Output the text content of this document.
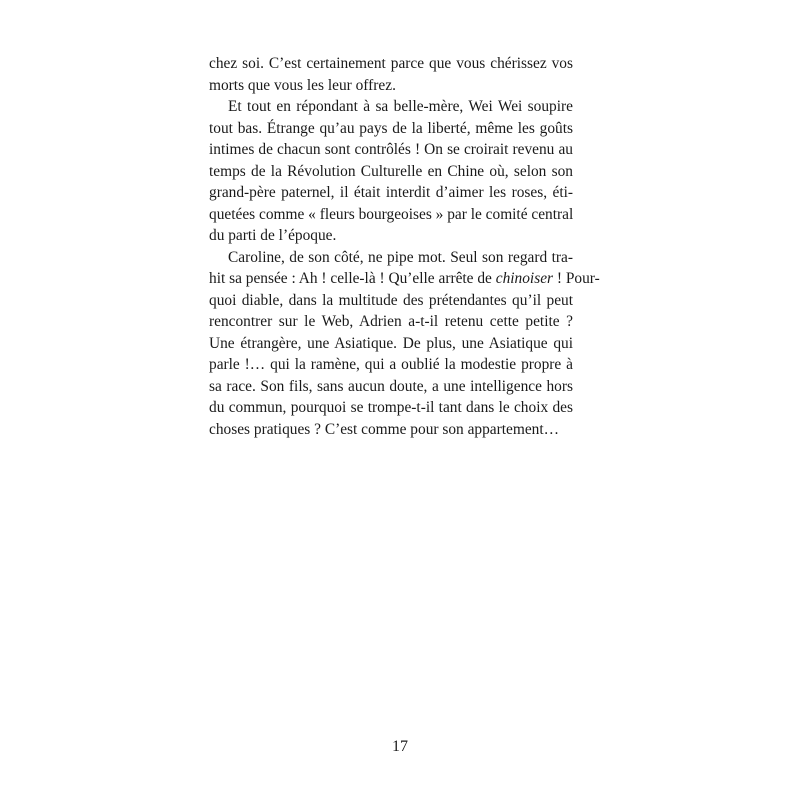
chez soi. C’est certainement parce que vous chérissez vos
morts que vous les leur offrez.
Et tout en répondant à sa belle-mère, Wei Wei soupire
tout bas. Étrange qu’au pays de la liberté, même les goûts
intimes de chacun sont contrôlés ! On se croirait revenu au
temps de la Révolution Culturelle en Chine où, selon son
grand-père paternel, il était interdit d’aimer les roses, éti-
quetées comme « fleurs bourgeoises » par le comité central
du parti de l’époque.
Caroline, de son côté, ne pipe mot. Seul son regard tra-
hit sa pensée : Ah ! celle-là ! Qu’elle arrête de chinoiser ! Pour-
quoi diable, dans la multitude des prétendantes qu’il peut
rencontrer sur le Web, Adrien a-t-il retenu cette petite ?
Une étrangère, une Asiatique. De plus, une Asiatique qui
parle !… qui la ramène, qui a oublié la modestie propre à
sa race. Son fils, sans aucun doute, a une intelligence hors
du commun, pourquoi se trompe-t-il tant dans le choix des
choses pratiques ? C’est comme pour son appartement…
17
